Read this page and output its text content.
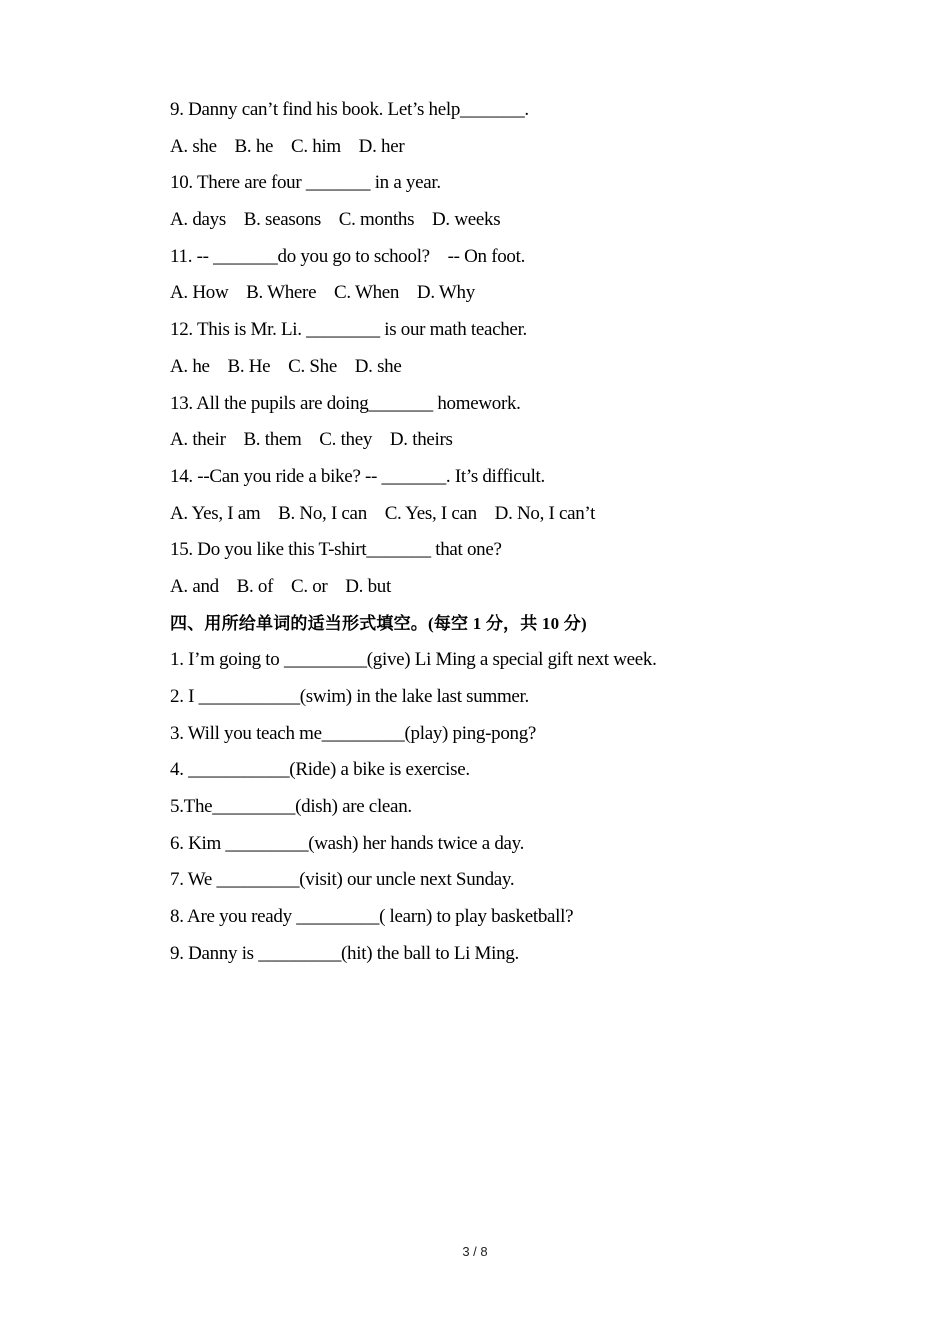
9. Danny can’t find his book. Let’s help_______.
A. she    B. he    C. him    D. her
10. There are four _______ in a year.
A. days    B. seasons    C. months    D. weeks
11. -- _______do you go to school?    -- On foot.
A. How    B. Where    C. When    D. Why
12. This is Mr. Li. ________ is our math teacher.
A. he    B. He    C. She    D. she
13. All the pupils are doing_______ homework.
A. their    B. them    C. they    D. theirs
14. --Can you ride a bike? -- _______. It’s difficult.
A. Yes, I am    B. No, I can    C. Yes, I can    D. No, I can’t
15. Do you like this T-shirt_______ that one?
A. and    B. of    C. or    D. but
四、用所给单词的适当形式填空。(每空 1 分，共 10 分)
1. I’m going to _________(give) Li Ming a special gift next week.
2. I ___________(swim) in the lake last summer.
3. Will you teach me_________(play) ping-pong?
4. ___________(Ride) a bike is exercise.
5.The_________(dish) are clean.
6. Kim _________(wash) her hands twice a day.
7. We _________(visit) our uncle next Sunday.
8. Are you ready _________( learn) to play basketball?
9. Danny is _________(hit) the ball to Li Ming.
3 / 8
